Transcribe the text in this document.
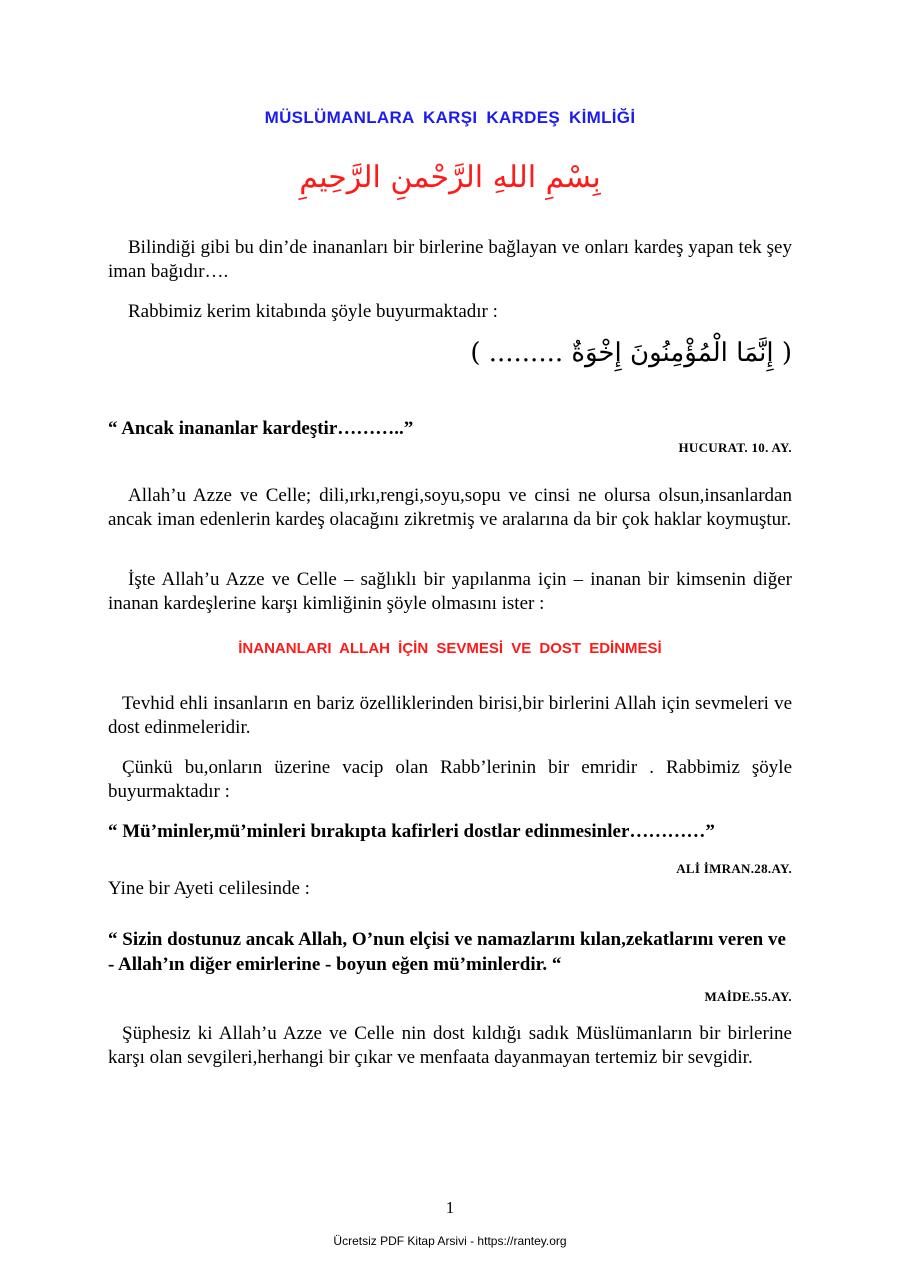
MÜSLÜMANLARA KARŞI KARDEŞ KİMLİĞİ
بِسْمِ اللهِ الرَّحْمنِ الرَّحِيمِ
Bilindiği gibi bu din’de inananları bir birlerine bağlayan ve onları kardeş yapan tek şey iman bağıdır….
Rabbimiz kerim kitabında şöyle buyurmaktadır :
( إِنَّمَا الْمُؤْمِنُونَ إِخْوَةٌ ......... )
“ Ancak inananlar kardeştir………..”
HUCURAT. 10. AY.
Allah’u Azze ve Celle; dili,ırkı,rengi,soyu,sopu ve cinsi ne olursa olsun,insanlardan ancak iman edenlerin kardeş olacağını zikretmiş ve aralarına da bir çok haklar koymuştur.
İşte Allah’u Azze ve Celle – sağlıklı bir yapılanma için – inanan bir kimsenin diğer inanan kardeşlerine karşı kimliğinin şöyle olmasını ister :
İNANANLARI ALLAH İÇİN SEVMESİ VE DOST EDİNMESİ
Tevhid ehli insanların en bariz özelliklerinden birisi,bir birlerini Allah için sevmeleri ve dost edinmeleridir.
Çünkü bu,onların üzerine vacip olan Rabb’lerinin bir emridir . Rabbimiz şöyle buyurmaktadır :
“ Mü’minler,mü’minleri bırakıpta kafirleri dostlar edinmesinler…………”
ALİ İMRAN.28.AY.
Yine bir Ayeti celilesinde :
“ Sizin dostunuz ancak Allah, O’nun elçisi ve namazlarını kılan,zekatlarını veren ve - Allah’ın diğer emirlerine - boyun eğen mü’minlerdir. “
MAİDE.55.AY.
Şüphesiz ki Allah’u Azze ve Celle nin dost kıldığı sadık Müslümanların bir birlerine karşı olan sevgileri,herhangi bir çıkar ve menfaata dayanmayan tertemiz bir sevgidir.
1
Ücretsiz PDF Kitap Arsivi - https://rantey.org
